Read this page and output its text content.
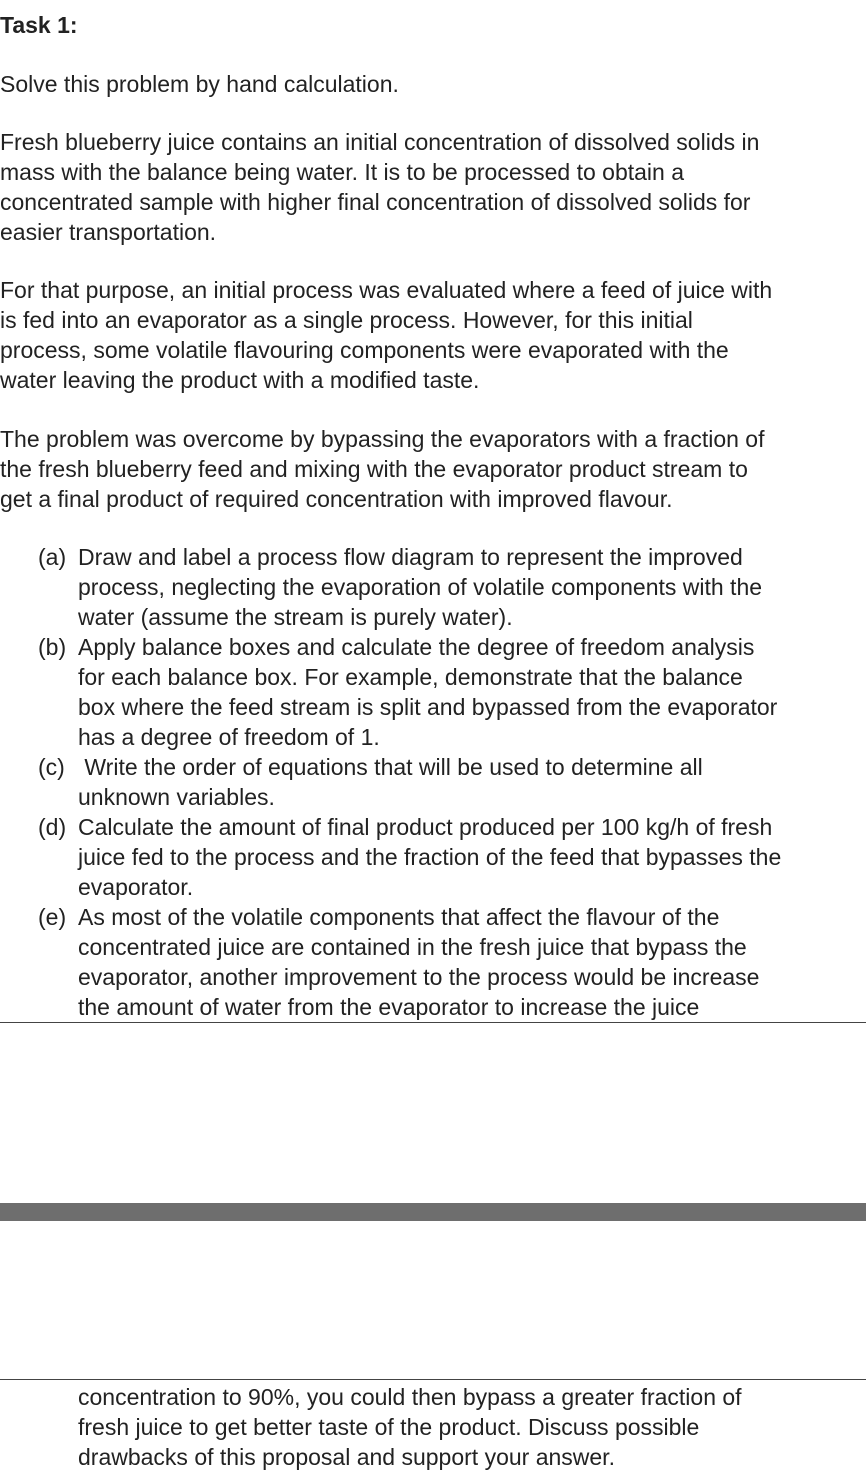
Task 1:
Solve this problem by hand calculation.
Fresh blueberry juice contains an initial concentration of dissolved solids in
mass with the balance being water. It is to be processed to obtain a
concentrated sample with higher final concentration of dissolved solids for
easier transportation.
For that purpose, an initial process was evaluated where a feed of juice with
is fed into an evaporator as a single process. However, for this initial
process, some volatile flavouring components were evaporated with the
water leaving the product with a modified taste.
The problem was overcome by bypassing the evaporators with a fraction of
the fresh blueberry feed and mixing with the evaporator product stream to
get a final product of required concentration with improved flavour.
(a) Draw and label a process flow diagram to represent the improved
process, neglecting the evaporation of volatile components with the
water (assume the stream is purely water).
(b) Apply balance boxes and calculate the degree of freedom analysis
for each balance box. For example, demonstrate that the balance
box where the feed stream is split and bypassed from the evaporator
has a degree of freedom of 1.
(c) Write the order of equations that will be used to determine all
unknown variables.
(d) Calculate the amount of final product produced per 100 kg/h of fresh
juice fed to the process and the fraction of the feed that bypasses the
evaporator.
(e) As most of the volatile components that affect the flavour of the
concentrated juice are contained in the fresh juice that bypass the
evaporator, another improvement to the process would be increase
the amount of water from the evaporator to increase the juice
concentration to 90%, you could then bypass a greater fraction of
fresh juice to get better taste of the product. Discuss possible
drawbacks of this proposal and support your answer.
